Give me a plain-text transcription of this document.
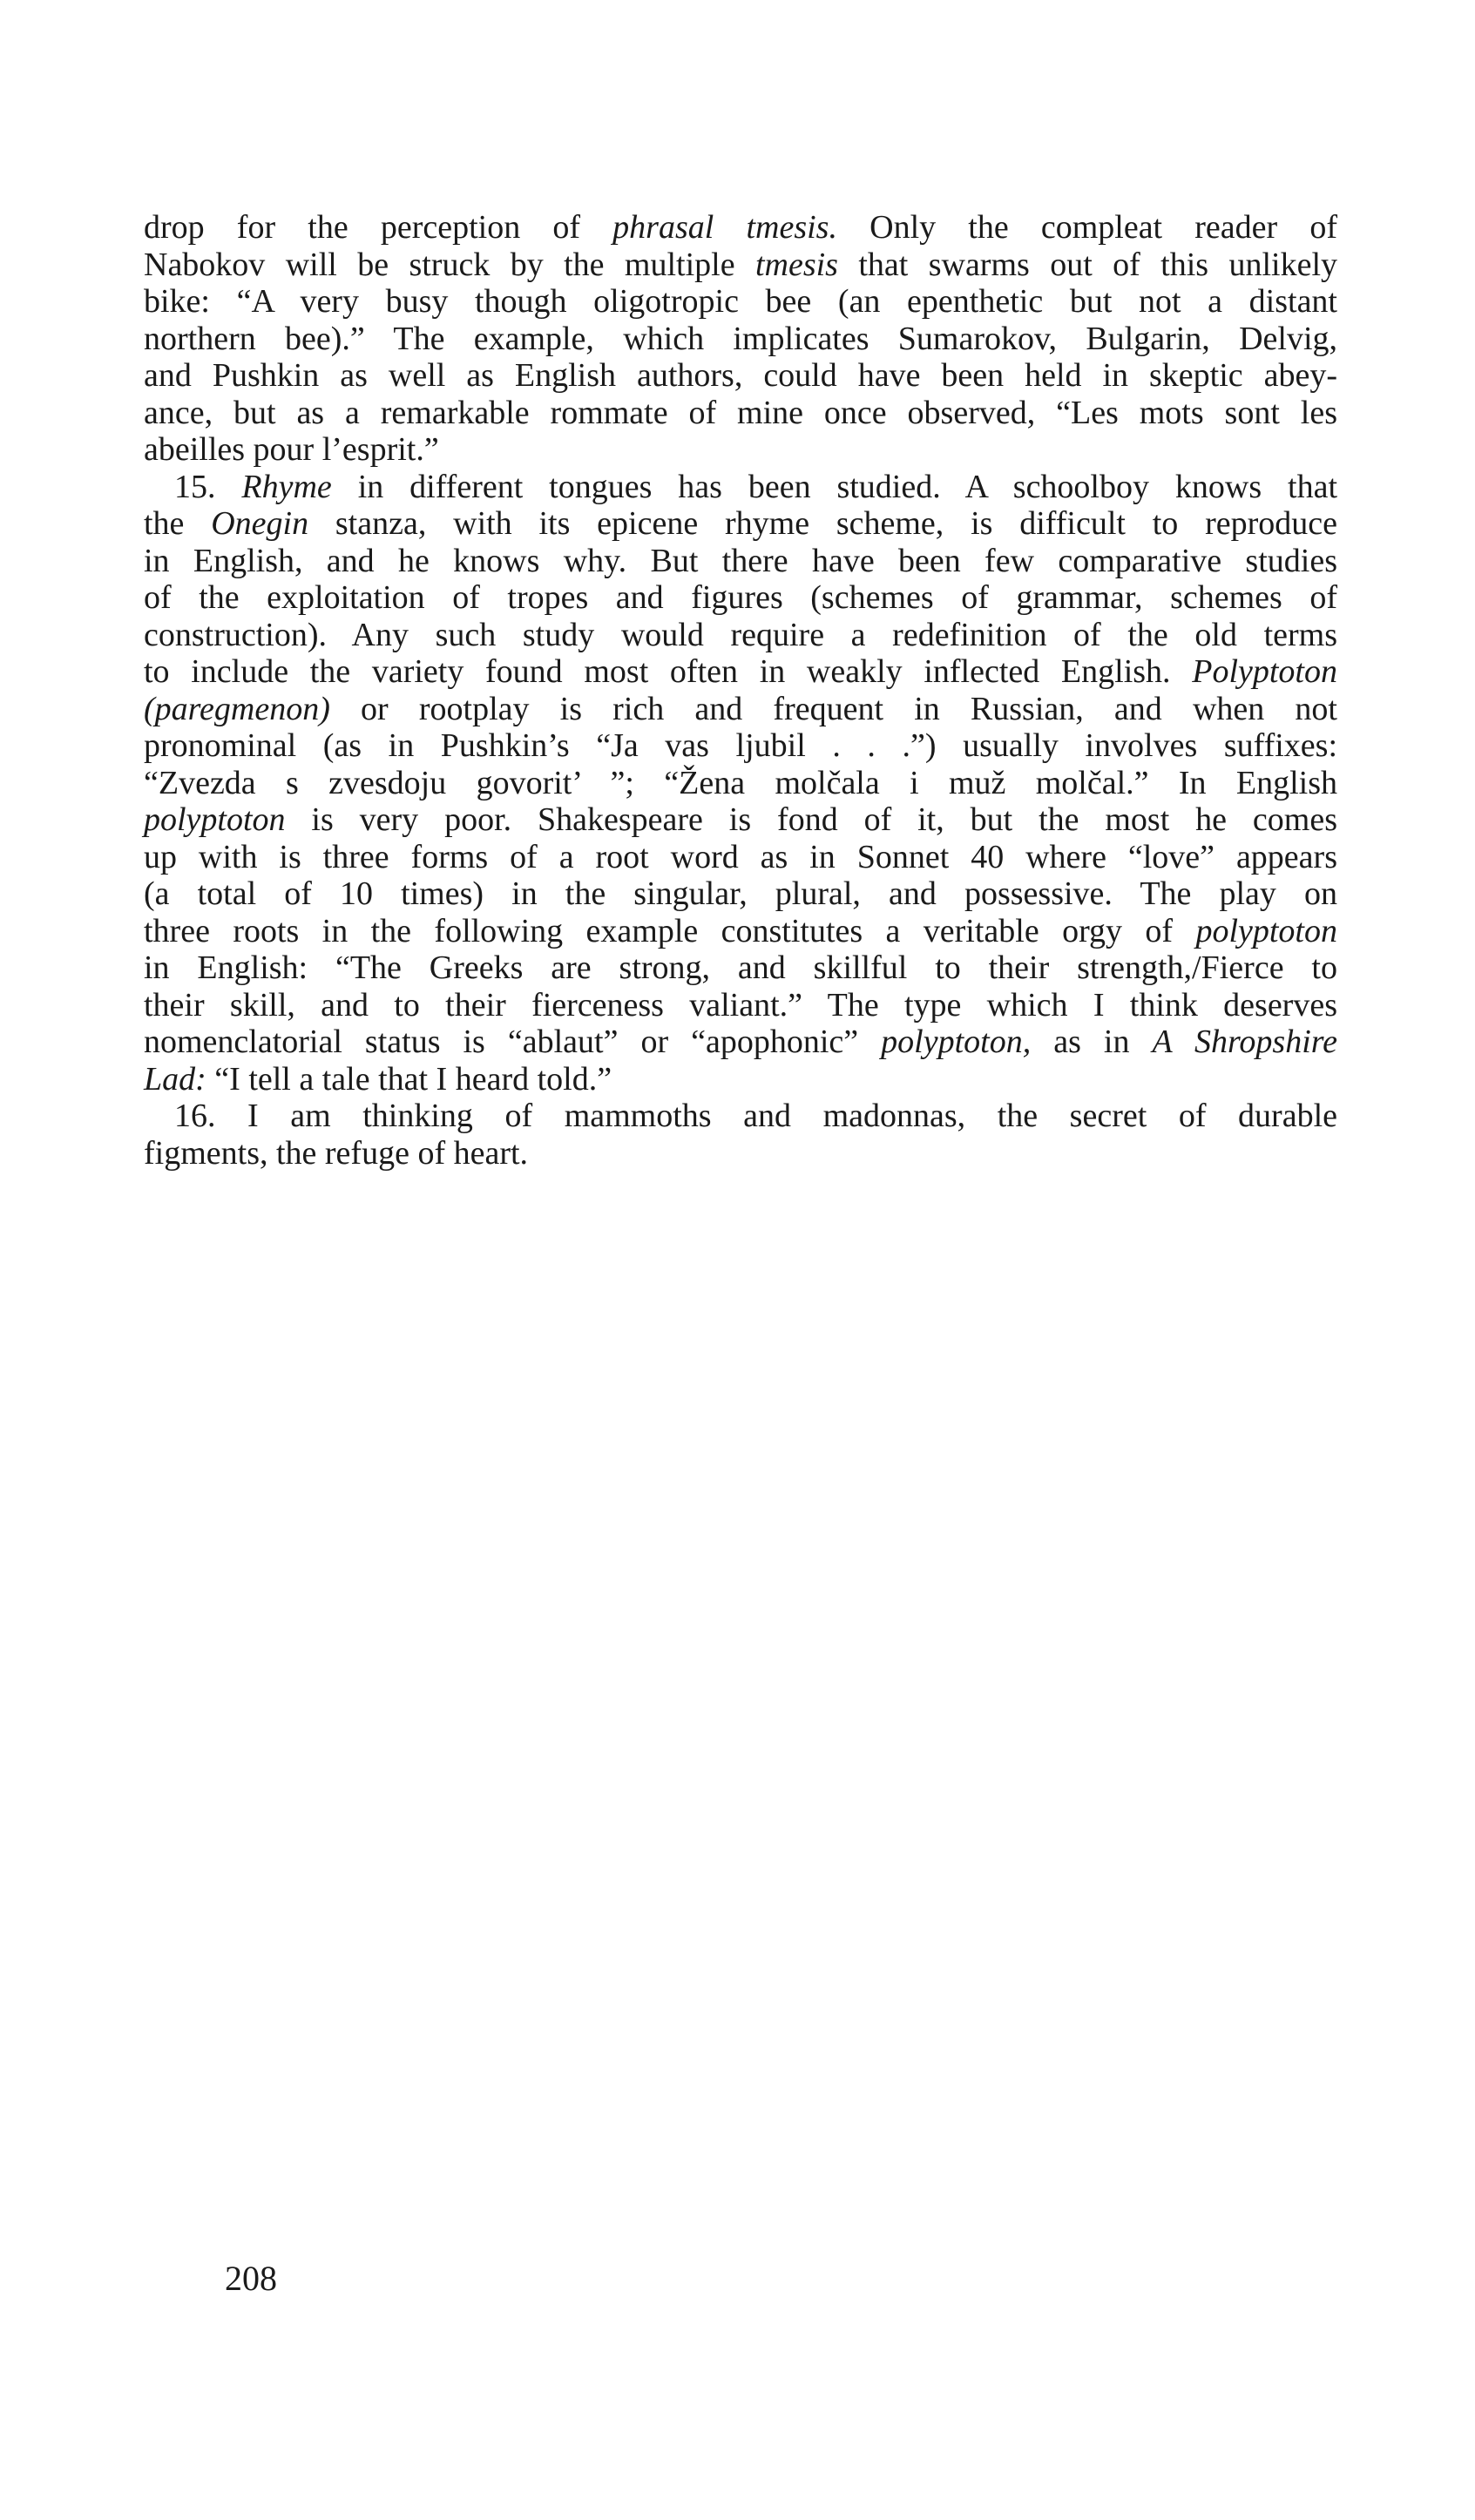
drop for the perception of phrasal tmesis. Only the compleat reader of
Nabokov will be struck by the multiple tmesis that swarms out of this unlikely
bike: “A very busy though oligotropic bee (an epenthetic but not a distant
northern bee).” The example, which implicates Sumarokov, Bulgarin, Delvig,
and Pushkin as well as English authors, could have been held in skeptic abey-
ance, but as a remarkable rommate of mine once observed, “Les mots sont les
abeilles pour l’esprit.”
15. Rhyme in different tongues has been studied. A schoolboy knows that
the Onegin stanza, with its epicene rhyme scheme, is difficult to reproduce
in English, and he knows why. But there have been few comparative studies
of the exploitation of tropes and figures (schemes of grammar, schemes of
construction). Any such study would require a redefinition of the old terms
to include the variety found most often in weakly inflected English. Polyptoton
(paregmenon) or rootplay is rich and frequent in Russian, and when not
pronominal (as in Pushkin’s “Ja vas ljubil . . .”) usually involves suffixes:
“Zvezda s zvesdoju govorit’ ”; “Žena molčala i muž molčal.” In English
polyptoton is very poor. Shakespeare is fond of it, but the most he comes
up with is three forms of a root word as in Sonnet 40 where “love” appears
(a total of 10 times) in the singular, plural, and possessive. The play on
three roots in the following example constitutes a veritable orgy of polyptoton
in English: “The Greeks are strong, and skillful to their strength,/Fierce to
their skill, and to their fierceness valiant.” The type which I think deserves
nomenclatorial status is “ablaut” or “apophonic” polyptoton, as in A Shropshire
Lad: “I tell a tale that I heard told.”
16. I am thinking of mammoths and madonnas, the secret of durable
figments, the refuge of heart.
208
